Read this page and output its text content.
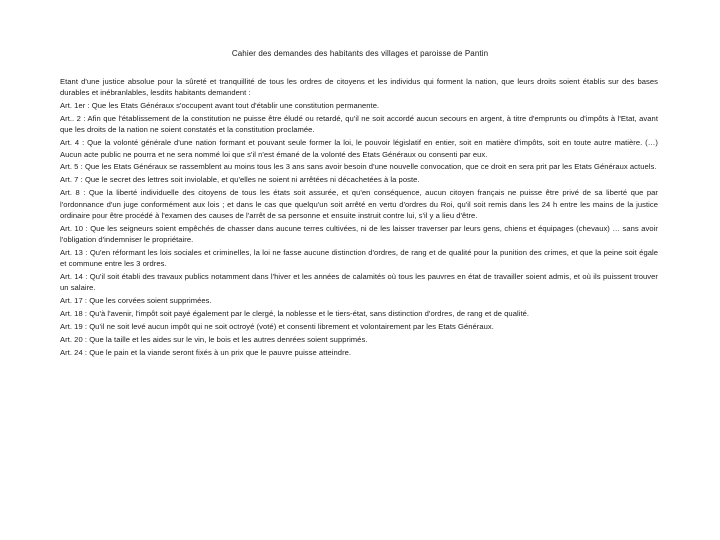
Cahier des demandes des habitants des villages et paroisse de Pantin

Etant d'une justice absolue pour la sûreté et tranquillité de tous les ordres de citoyens et les individus qui forment la nation, que leurs droits soient établis sur des bases durables et inébranlables, lesdits habitants demandent :

Art. 1er : Que les Etats Généraux s'occupent avant tout d'établir une constitution permanente.

Art.. 2 : Afin que l'établissement de la constitution ne puisse être éludé ou retardé, qu'il ne soit accordé aucun secours en argent, à titre d'emprunts ou d'impôts à l'Etat, avant que les droits de la nation ne soient constatés et la constitution proclamée.

Art. 4 : Que la volonté générale d'une nation formant et pouvant seule former la loi, le pouvoir législatif en entier, soit en matière d'impôts, soit en toute autre matière. (…) Aucun acte public ne pourra et ne sera nommé loi que s'il n'est émané de la volonté des Etats Généraux ou consenti par eux.

Art. 5 : Que les Etats Généraux se rassemblent au moins tous les 3 ans sans avoir besoin d'une nouvelle convocation, que ce droit en sera prit par les Etats Généraux actuels.

Art. 7 : Que le secret des lettres soit inviolable, et qu'elles ne soient ni arrêtées ni décachetées à la poste.

Art. 8 : Que la liberté individuelle des citoyens de tous les états soit assurée, et qu'en conséquence, aucun citoyen français ne puisse être privé de sa liberté que par l'ordonnance d'un juge conformément aux lois ; et dans le cas que quelqu'un soit arrêté en vertu d'ordres du Roi, qu'il soit remis dans les 24 h entre les mains de la justice ordinaire pour être procédé à l'examen des causes de l'arrêt de sa personne et ensuite instruit contre lui, s'il y a lieu d'être.

Art. 10 : Que les seigneurs soient empêchés de chasser dans aucune terres cultivées, ni de les laisser traverser par leurs gens, chiens et équipages (chevaux) … sans avoir l'obligation d'indemniser le propriétaire.

Art. 13 : Qu'en réformant les lois sociales et criminelles, la loi ne fasse aucune distinction d'ordres, de rang et de qualité pour la punition des crimes, et que la peine soit égale et commune entre les 3 ordres.

Art. 14 : Qu'il soit établi des travaux publics notamment dans l'hiver et les années de calamités où tous les pauvres en état de travailler soient admis, et où ils puissent trouver un salaire.

Art. 17 : Que les corvées soient supprimées.

Art. 18 : Qu'à l'avenir, l'impôt soit payé également par le clergé, la noblesse et le tiers-état, sans distinction d'ordres, de rang et de qualité.

Art. 19 : Qu'il ne soit levé aucun impôt qui ne soit octroyé (voté) et consenti librement et volontairement par les Etats Généraux.

Art. 20 : Que la taille et les aides sur le vin, le bois et les autres denrées soient supprimés.

Art. 24 : Que le pain et la viande seront fixés à un prix que le pauvre puisse atteindre.
